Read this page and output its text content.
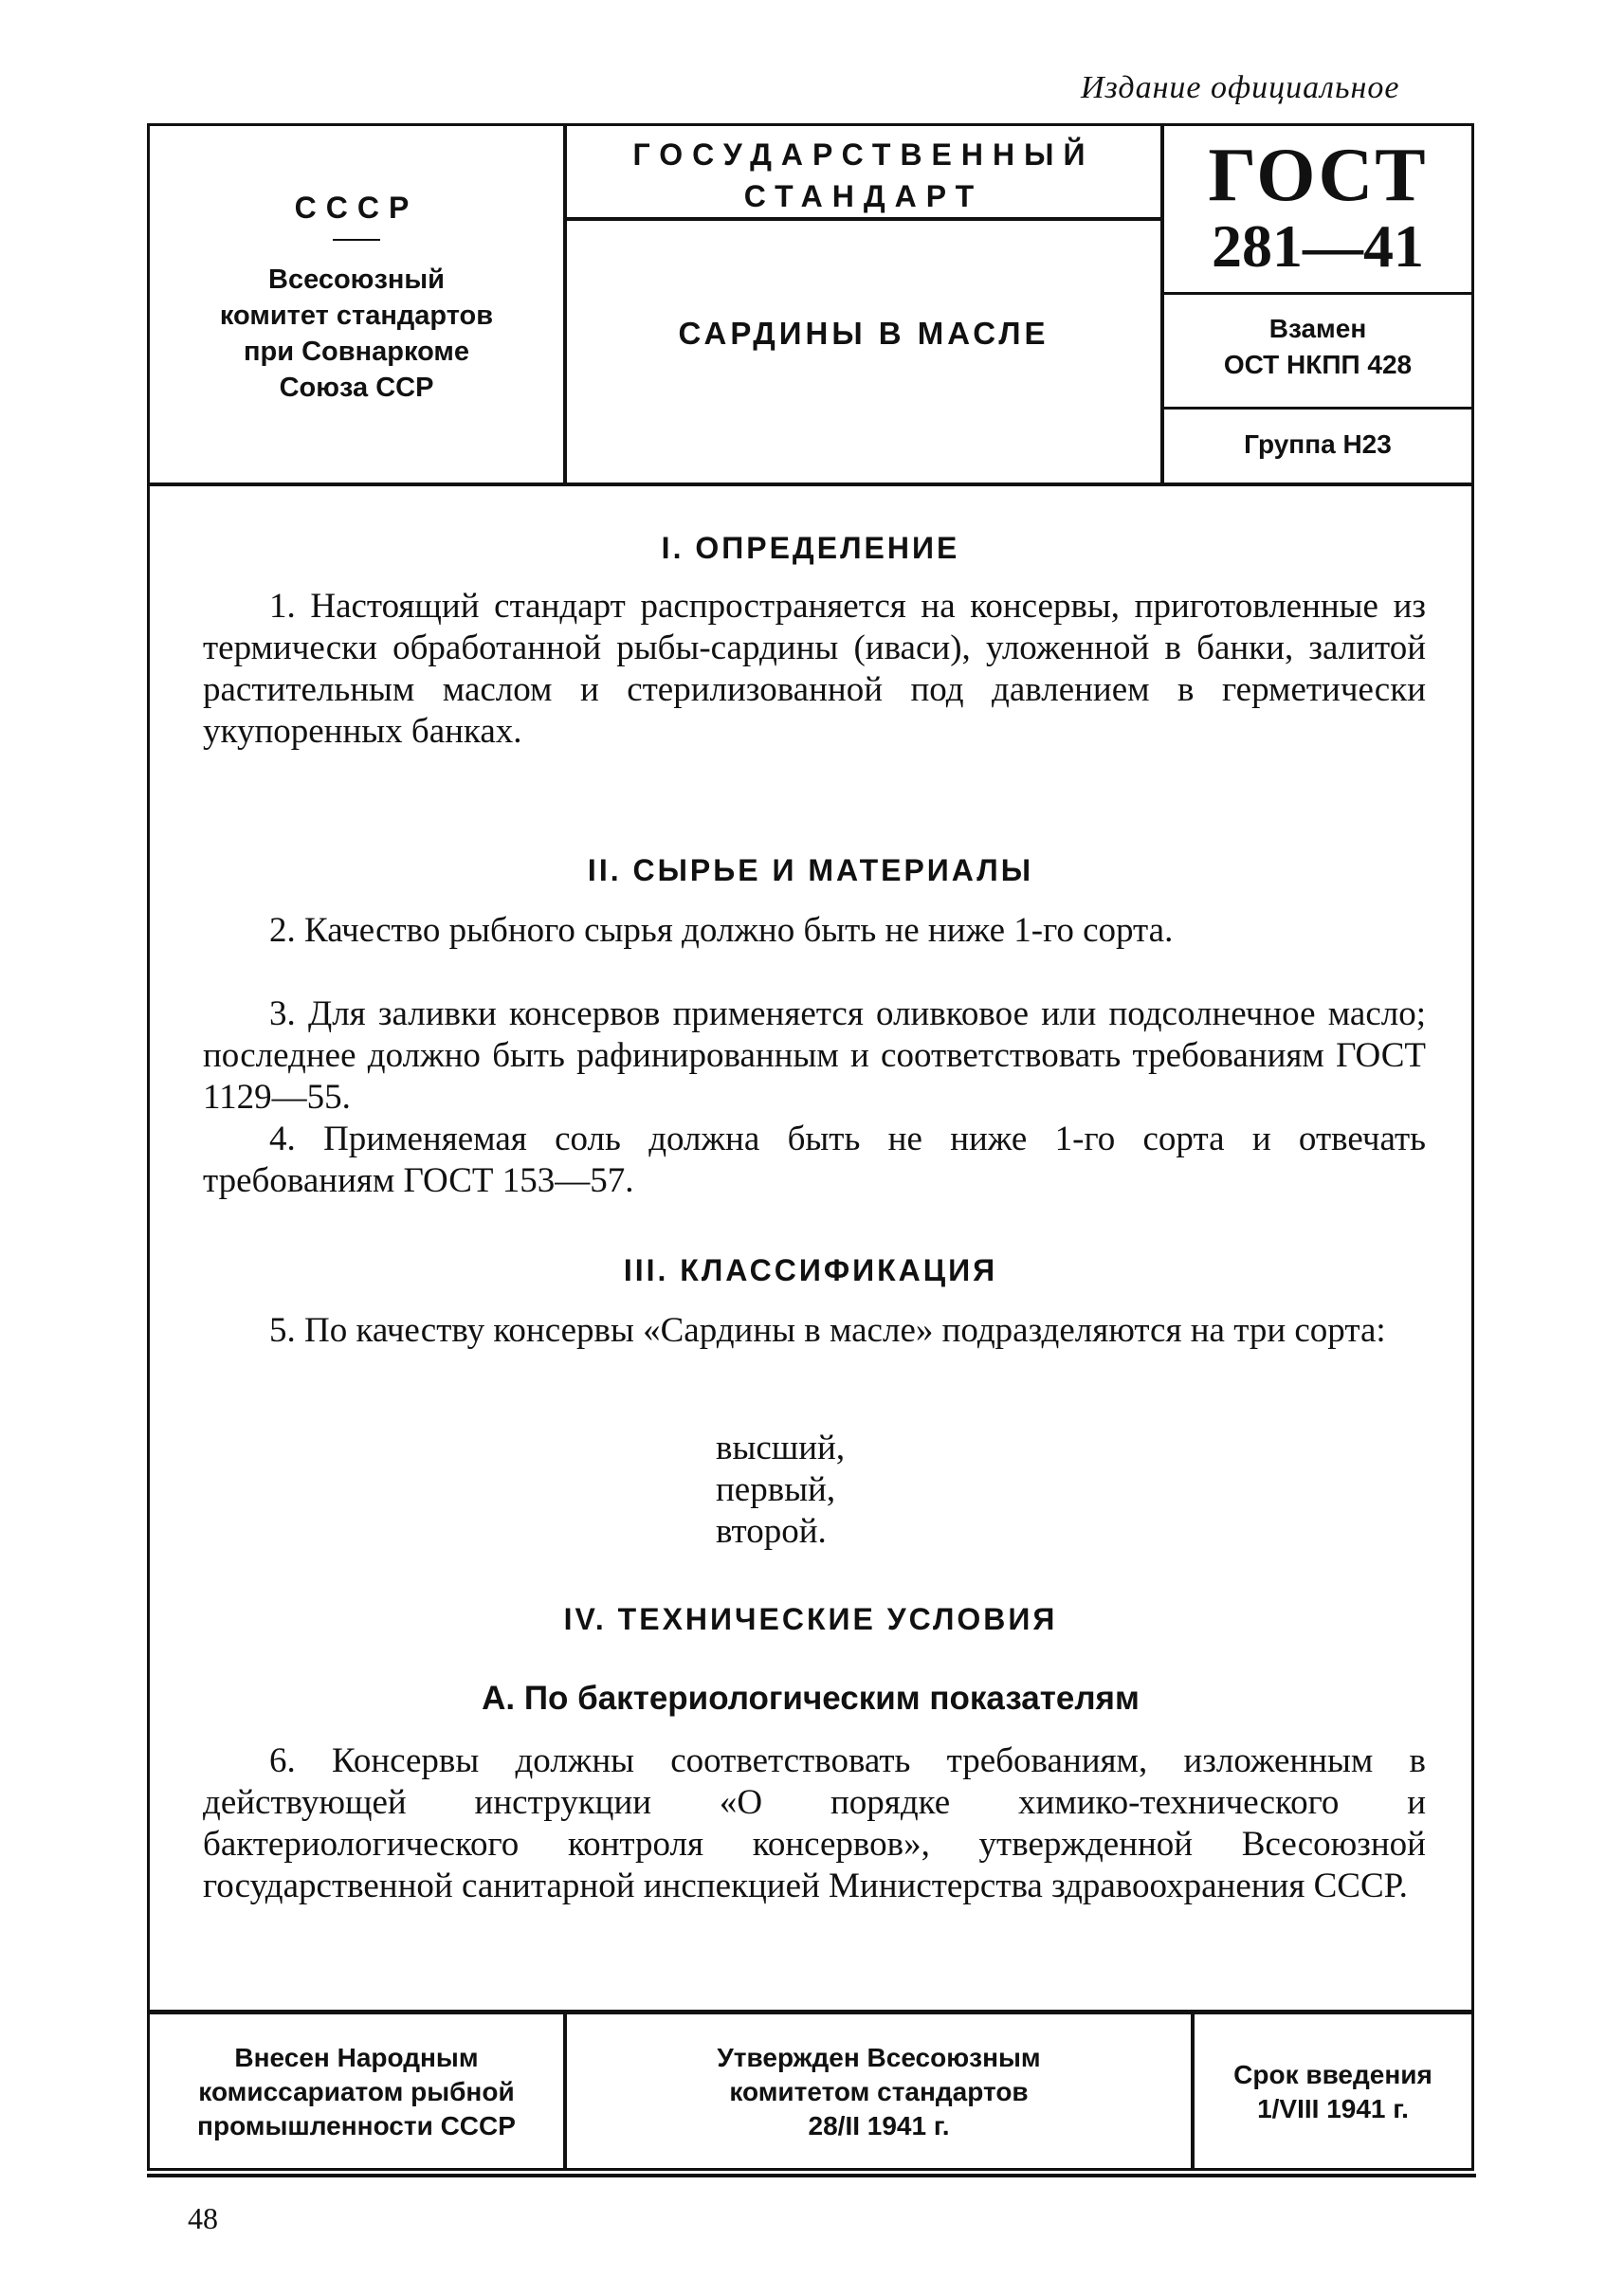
Издание официальное
СССР
Всесоюзный
комитет стандартов
при Совнаркоме
Союза ССР
ГОСУДАРСТВЕННЫЙ
СТАНДАРТ
САРДИНЫ В МАСЛЕ
ГОСТ
281—41
Взамен
ОСТ НКПП 428
Группа Н23
I. ОПРЕДЕЛЕНИЕ
1. Настоящий стандарт распространяется на консервы, приготовленные из термически обработанной рыбы-сардины (иваси), уложенной в банки, залитой растительным маслом и стерилизованной под давлением в герметически укупоренных банках.
II. СЫРЬЕ И МАТЕРИАЛЫ
2. Качество рыбного сырья должно быть не ниже 1-го сорта.
3. Для заливки консервов применяется оливковое или подсолнечное масло; последнее должно быть рафинированным и соответствовать требованиям ГОСТ 1129—55.
4. Применяемая соль должна быть не ниже 1-го сорта и отвечать требованиям ГОСТ 153—57.
III. КЛАССИФИКАЦИЯ
5. По качеству консервы «Сардины в масле» подразделяются на три сорта:
высший,
первый,
второй.
IV. ТЕХНИЧЕСКИЕ УСЛОВИЯ
А. По бактериологическим показателям
6. Консервы должны соответствовать требованиям, изложенным в действующей инструкции «О порядке химико-технического и бактериологического контроля консервов», утвержденной Всесоюзной государственной санитарной инспекцией Министерства здравоохранения СССР.
Внесен Народным
комиссариатом рыбной
промышленности СССР
Утвержден Всесоюзным
комитетом стандартов
28/II 1941 г.
Срок введения
1/VIII 1941 г.
48
